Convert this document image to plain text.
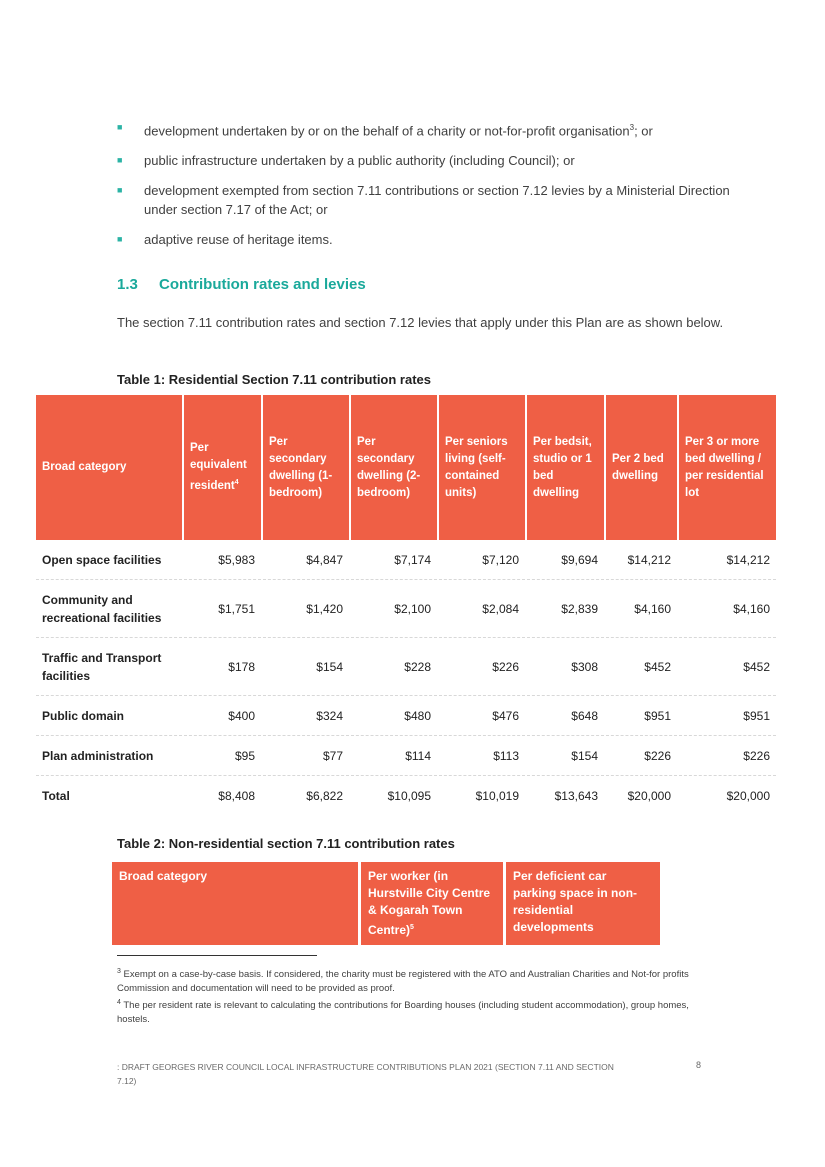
■	development undertaken by or on the behalf of a charity or not-for-profit organisation$^3$; or
■	public infrastructure undertaken by a public authority (including Council); or
■	development exempted from section 7.11 contributions or section 7.12 levies by a Ministerial Direction under section 7.17 of the Act; or
■	adaptive reuse of heritage items.
1.3 Contribution rates and levies
The section 7.11 contribution rates and section 7.12 levies that apply under this Plan are as shown below.
Table 1: Residential Section 7.11 contribution rates
Broad category	Per equivalent resident$^4$	Per secondary dwelling (1-bedroom)	Per secondary dwelling (2-bedroom)	Per seniors living (self-contained units)	Per bedsit, studio or 1 bed dwelling	Per 2 bed dwelling	Per 3 or more bed dwelling / per residential lot
Open space facilities	$5,983	$4,847	$7,174	$7,120	$9,694	$14,212	$14,212
Community and recreational facilities	$1,751	$1,420	$2,100	$2,084	$2,839	$4,160	$4,160
Traffic and Transport facilities	$178	$154	$228	$226	$308	$452	$452
Public domain	$400	$324	$480	$476	$648	$951	$951
Plan administration	$95	$77	$114	$113	$154	$226	$226
Total	$8,408	$6,822	$10,095	$10,019	$13,643	$20,000	$20,000
Table 2: Non-residential section 7.11 contribution rates
Broad category	Per worker (in Hurstville City Centre & Kogarah Town Centre)$^5$	Per deficient car parking space in non-residential developments
$^3$ Exempt on a case-by-case basis. If considered, the charity must be registered with the ATO and Australian Charities and Not-for profits Commission and documentation will need to be provided as proof.
$^4$ The per resident rate is relevant to calculating the contributions for Boarding houses (including student accommodation), group homes, hostels.
: DRAFT GEORGES RIVER COUNCIL LOCAL INFRASTRUCTURE CONTRIBUTIONS PLAN 2021 (SECTION 7.11 AND SECTION 7.12)
8
